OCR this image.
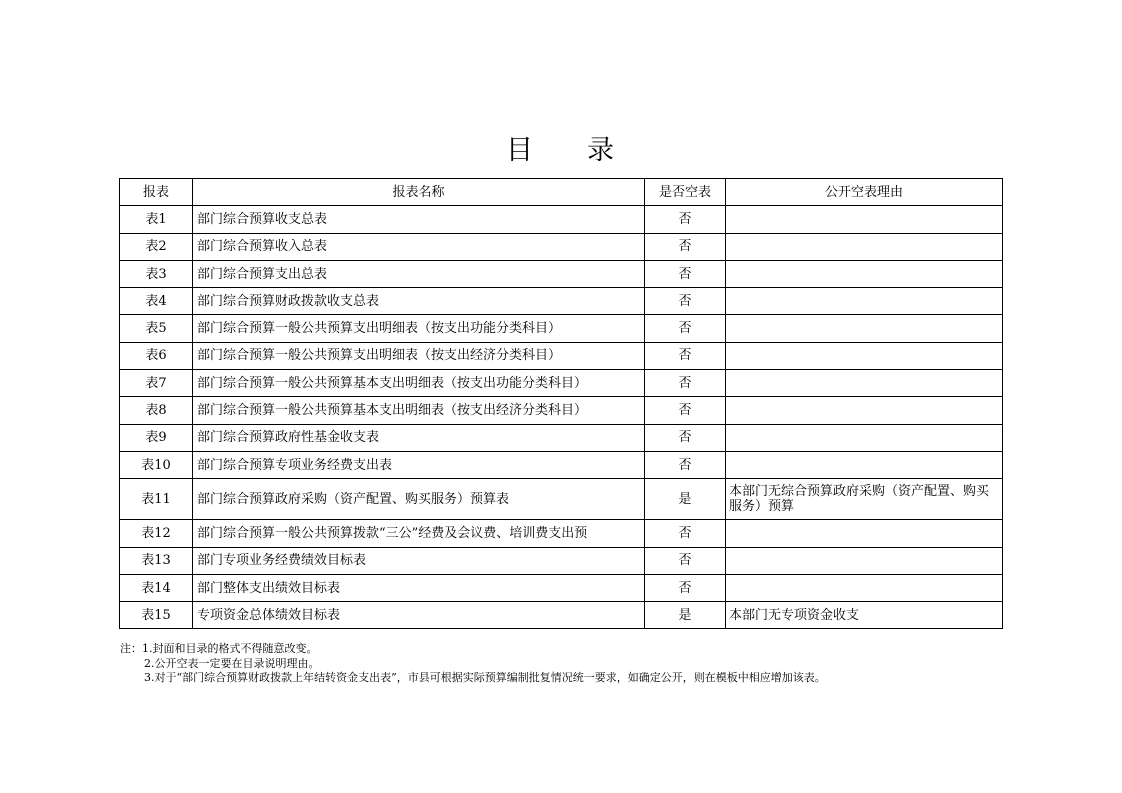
目 录
报表	报表名称	是否空表	公开空表理由
表1	部门综合预算收支总表	否	
表2	部门综合预算收入总表	否	
表3	部门综合预算支出总表	否	
表4	部门综合预算财政拨款收支总表	否	
表5	部门综合预算一般公共预算支出明细表（按支出功能分类科目）	否	
表6	部门综合预算一般公共预算支出明细表（按支出经济分类科目）	否	
表7	部门综合预算一般公共预算基本支出明细表（按支出功能分类科目）	否	
表8	部门综合预算一般公共预算基本支出明细表（按支出经济分类科目）	否	
表9	部门综合预算政府性基金收支表	否	
表10	部门综合预算专项业务经费支出表	否	
表11	部门综合预算政府采购（资产配置、购买服务）预算表	是	本部门无综合预算政府采购（资产配置、购买服务）预算
表12	部门综合预算一般公共预算拨款“三公”经费及会议费、培训费支出预	否	
表13	部门专项业务经费绩效目标表	否	
表14	部门整体支出绩效目标表	否	
表15	专项资金总体绩效目标表	是	本部门无专项资金收支
注：1.封面和目录的格式不得随意改变。
2.公开空表一定要在目录说明理由。
3.对于“部门综合预算财政拨款上年结转资金支出表”，市县可根据实际预算编制批复情况统一要求，如确定公开，则在模板中相应增加该表。
